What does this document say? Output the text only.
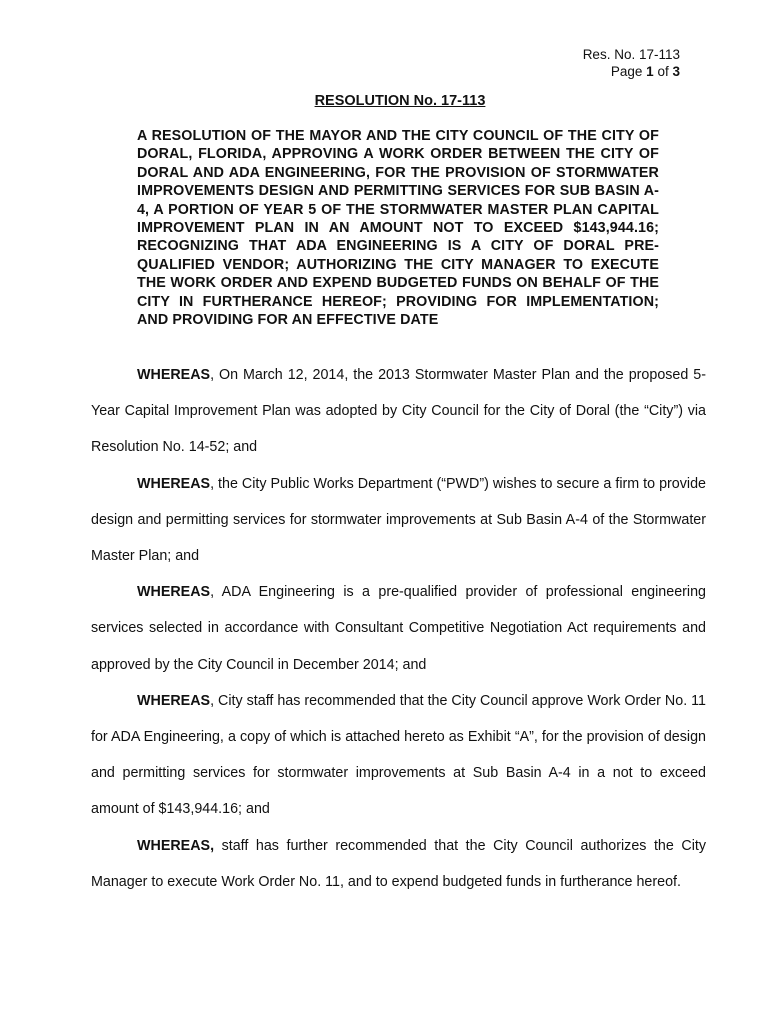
Res. No. 17-113
Page 1 of 3
RESOLUTION No. 17-113
A RESOLUTION OF THE MAYOR AND THE CITY COUNCIL OF THE CITY OF DORAL, FLORIDA, APPROVING A WORK ORDER BETWEEN THE CITY OF DORAL AND ADA ENGINEERING, FOR THE PROVISION OF STORMWATER IMPROVEMENTS DESIGN AND PERMITTING SERVICES FOR SUB BASIN A-4, A PORTION OF YEAR 5 OF THE STORMWATER MASTER PLAN CAPITAL IMPROVEMENT PLAN IN AN AMOUNT NOT TO EXCEED $143,944.16; RECOGNIZING THAT ADA ENGINEERING IS A CITY OF DORAL PRE-QUALIFIED VENDOR; AUTHORIZING THE CITY MANAGER TO EXECUTE THE WORK ORDER AND EXPEND BUDGETED FUNDS ON BEHALF OF THE CITY IN FURTHERANCE HEREOF; PROVIDING FOR IMPLEMENTATION; AND PROVIDING FOR AN EFFECTIVE DATE

WHEREAS, On March 12, 2014, the 2013 Stormwater Master Plan and the proposed 5-Year Capital Improvement Plan was adopted by City Council for the City of Doral (the “City”) via Resolution No. 14-52; and

WHEREAS, the City Public Works Department (“PWD”) wishes to secure a firm to provide design and permitting services for stormwater improvements at Sub Basin A-4 of the Stormwater Master Plan; and

WHEREAS, ADA Engineering is a pre-qualified provider of professional engineering services selected in accordance with Consultant Competitive Negotiation Act requirements and approved by the City Council in December 2014; and

WHEREAS, City staff has recommended that the City Council approve Work Order No. 11 for ADA Engineering, a copy of which is attached hereto as Exhibit “A”, for the provision of design and permitting services for stormwater improvements at Sub Basin A-4 in a not to exceed amount of $143,944.16; and

WHEREAS, staff has further recommended that the City Council authorizes the City Manager to execute Work Order No. 11, and to expend budgeted funds in furtherance hereof.
